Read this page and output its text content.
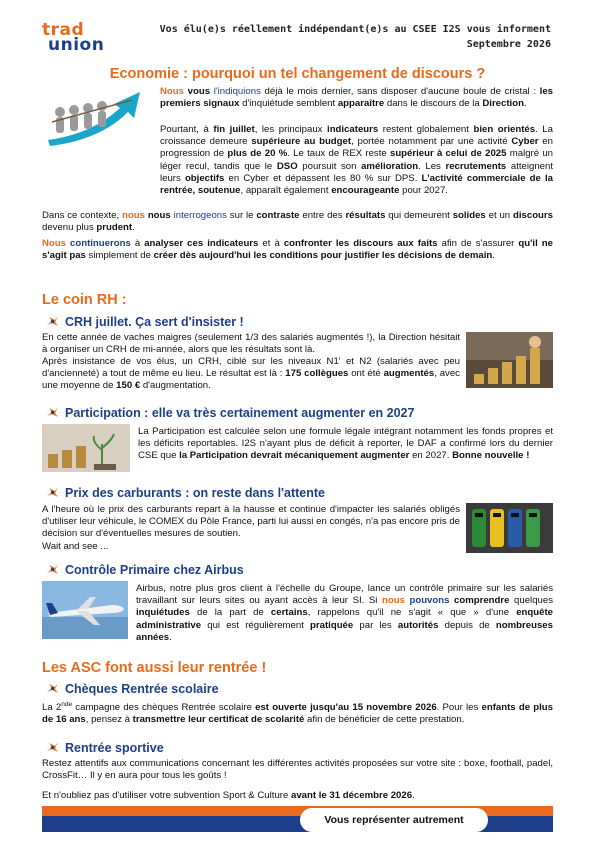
trad
union
Vos élu(e)s réellement indépendant(e)s au CSEE I2S vous informent
Septembre 2026
Economie : pourquoi un tel changement de discours ?
Nous vous l'indiquions déjà le mois dernier, sans disposer d'aucune boule de cristal : les premiers signaux d'inquiétude semblent apparaître dans le discours de la Direction.
Pourtant, à fin juillet, les principaux indicateurs restent globalement bien orientés. La croissance demeure supérieure au budget, portée notamment par une activité Cyber en progression de plus de 20 %. Le taux de REX reste supérieur à celui de 2025 malgré un léger recul, tandis que le DSO poursuit son amélioration. Les recrutements atteignent leurs objectifs en Cyber et dépassent les 80 % sur DPS. L'activité commerciale de la rentrée, soutenue, apparaît également encourageante pour 2027.
Dans ce contexte, nous nous interrogeons sur le contraste entre des résultats qui demeurent solides et un discours devenu plus prudent.
Nous continuerons à analyser ces indicateurs et à confronter les discours aux faits afin de s'assurer qu'il ne s'agit pas simplement de créer dès aujourd'hui les conditions pour justifier les décisions de demain.
Le coin RH :
CRH juillet. Ça sert d'insister !
En cette année de vaches maigres (seulement 1/3 des salariés augmentés !), la Direction hésitait à organiser un CRH de mi-année, alors que les résultats sont là.
Après insistance de vos élus, un CRH, ciblé sur les niveaux N1' et N2 (salariés avec peu d'ancienneté) a tout de même eu lieu. Le résultat est là : 175 collègues ont été augmentés, avec une moyenne de 150 € d'augmentation.
Participation : elle va très certainement augmenter en 2027
La Participation est calculée selon une formule légale intégrant notamment les fonds propres et les déficits reportables. I2S n'ayant plus de déficit à reporter, le DAF a confirmé lors du dernier CSE que la Participation devrait mécaniquement augmenter en 2027. Bonne nouvelle !
Prix des carburants : on reste dans l'attente
A l'heure où le prix des carburants repart à la hausse et continue d'impacter les salariés obligés d'utiliser leur véhicule, le COMEX du Pôle France, parti lui aussi en congés, n'a pas encore pris de décision sur d'éventuelles mesures de soutien.
Wait and see ...
Contrôle Primaire chez Airbus
Airbus, notre plus gros client à l'échelle du Groupe, lance un contrôle primaire sur les salariés travaillant sur leurs sites ou ayant accès à leur SI. Si nous pouvons comprendre quelques inquiétudes de la part de certains, rappelons qu'il ne s'agit « que » d'une enquête administrative qui est régulièrement pratiquée par les autorités depuis de nombreuses années.
Les ASC font aussi leur rentrée !
Chèques Rentrée scolaire
La 2nde campagne des chèques Rentrée scolaire est ouverte jusqu'au 15 novembre 2026. Pour les enfants de plus de 16 ans, pensez à transmettre leur certificat de scolarité afin de bénéficier de cette prestation.
Rentrée sportive
Restez attentifs aux communications concernant les différentes activités proposées sur votre site : boxe, football, padel, CrossFit… Il y en aura pour tous les goûts !
Et n'oubliez pas d'utiliser votre subvention Sport & Culture avant le 31 décembre 2026.
Vous représenter autrement
